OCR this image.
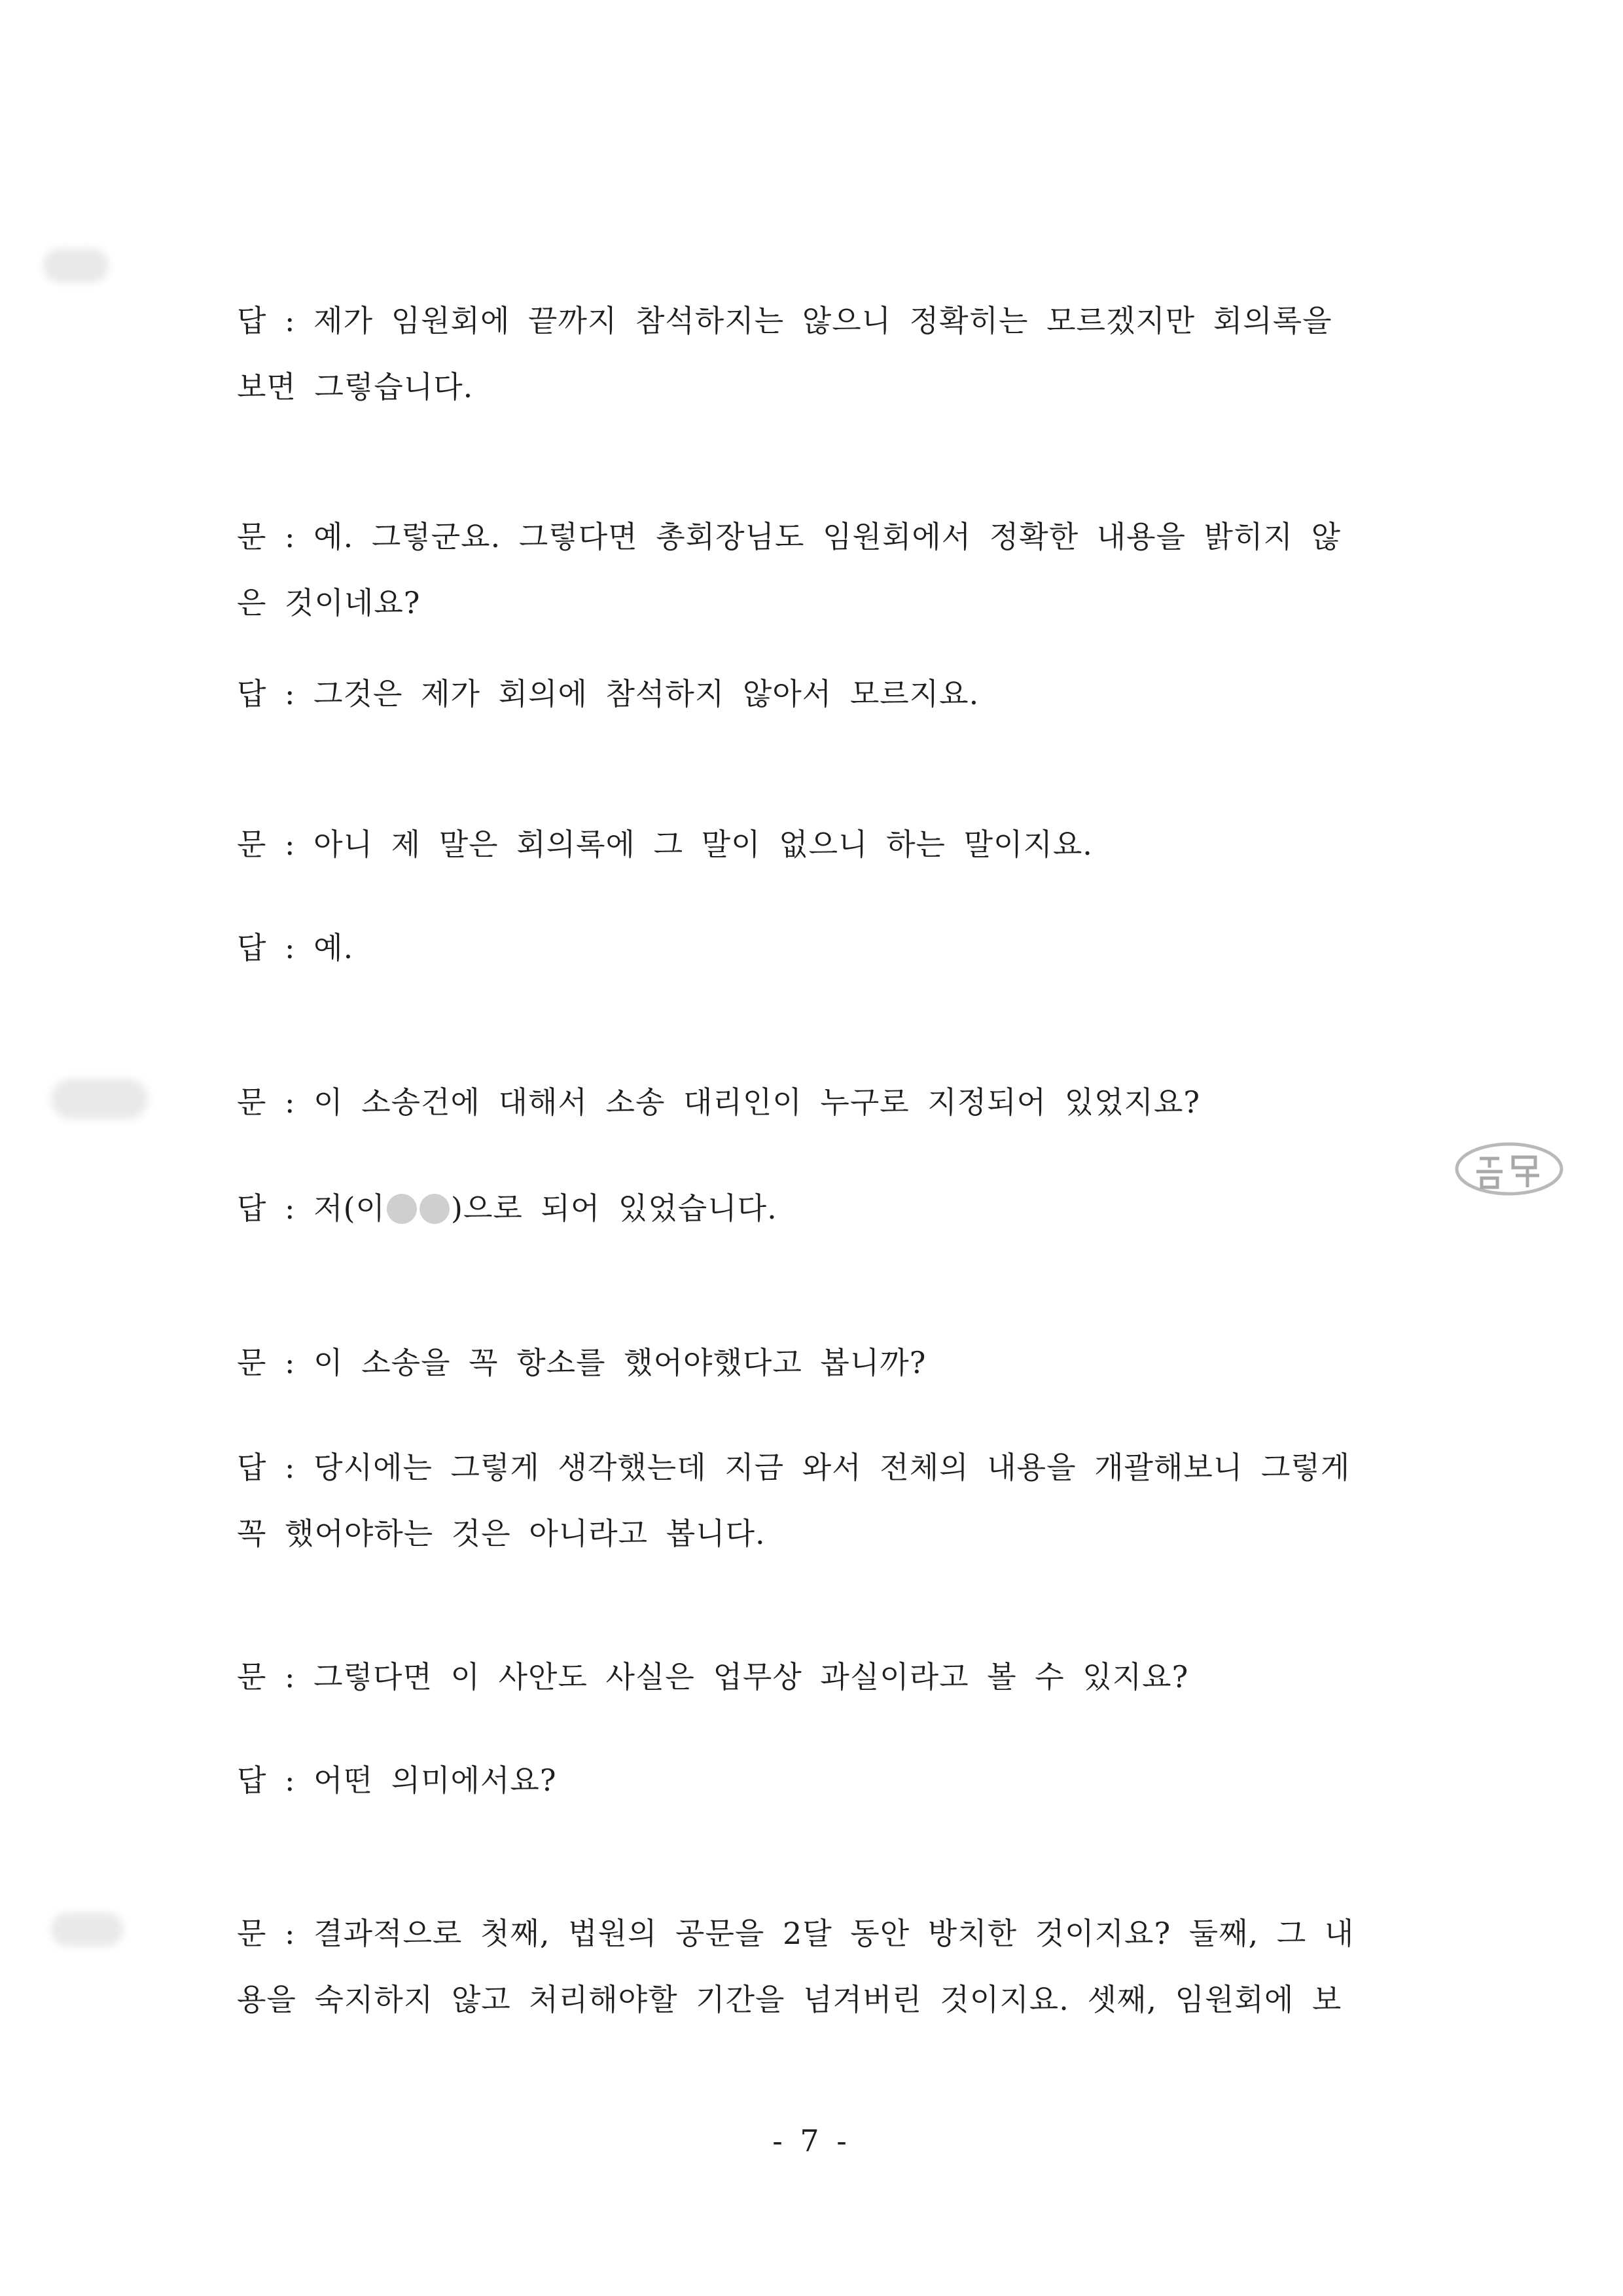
답 : 제가 임원회에 끝까지 참석하지는 않으니 정확히는 모르겠지만 회의록을
보면 그렇습니다.
문 : 예. 그렇군요. 그렇다면 총회장님도 임원회에서 정확한 내용을 밝히지 않
은 것이네요?
답 : 그것은 제가 회의에 참석하지 않아서 모르지요.
문 : 아니 제 말은 회의록에 그 말이 없으니 하는 말이지요.
답 : 예.
문 : 이 소송건에 대해서 소송 대리인이 누구로 지정되어 있었지요?
답 : 저(이 )으로 되어 있었습니다.
문 : 이 소송을 꼭 항소를 했어야했다고 봅니까?
답 : 당시에는 그렇게 생각했는데 지금 와서 전체의 내용을 개괄해보니 그렇게
꼭 했어야하는 것은 아니라고 봅니다.
문 : 그렇다면 이 사안도 사실은 업무상 과실이라고 볼 수 있지요?
답 : 어떤 의미에서요?
문 : 결과적으로 첫째, 법원의 공문을 2달 동안 방치한 것이지요? 둘째, 그 내
용을 숙지하지 않고 처리해야할 기간을 넘겨버린 것이지요. 셋째, 임원회에 보
- 7 -
